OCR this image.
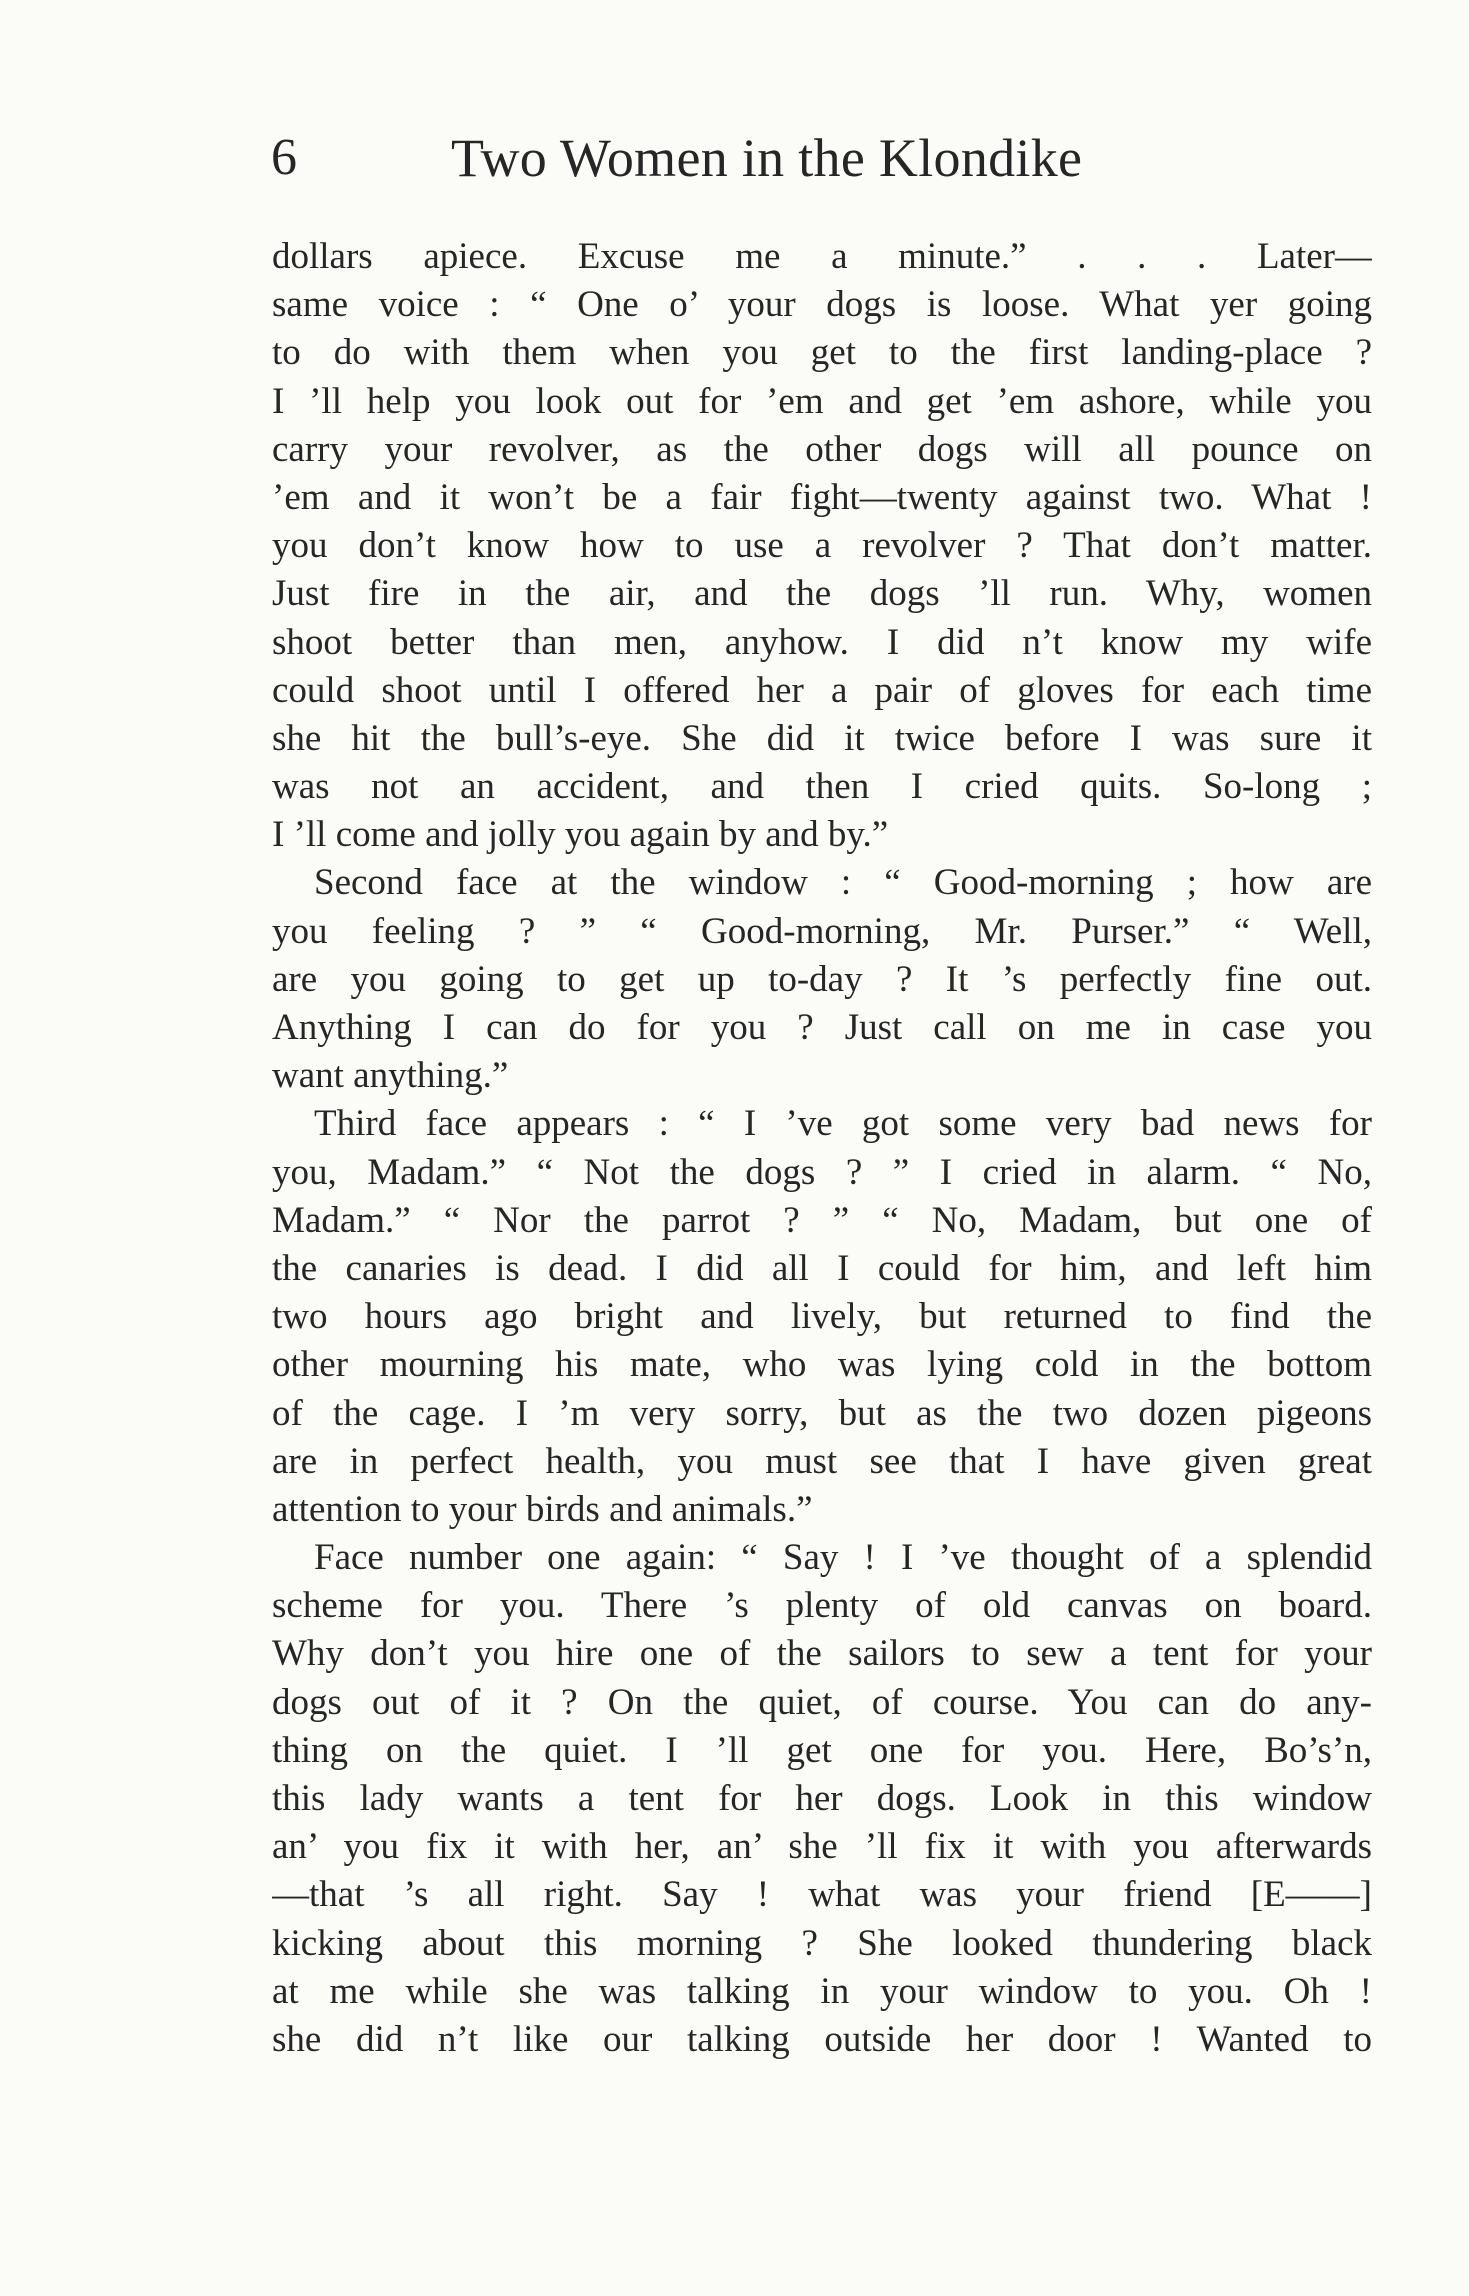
6	Two Women in the Klondike
dollars apiece. Excuse me a minute.” . . . Later—
same voice : “ One o’ your dogs is loose. What yer going
to do with them when you get to the first landing-place ?
I ’ll help you look out for ’em and get ’em ashore, while you
carry your revolver, as the other dogs will all pounce on
’em and it won’t be a fair fight—twenty against two. What !
you don’t know how to use a revolver ? That don’t matter.
Just fire in the air, and the dogs ’ll run. Why, women
shoot better than men, anyhow. I did n’t know my wife
could shoot until I offered her a pair of gloves for each time
she hit the bull’s-eye. She did it twice before I was sure it
was not an accident, and then I cried quits. So-long ;
I ’ll come and jolly you again by and by.”
Second face at the window : “ Good-morning ; how are
you feeling ? ” “ Good-morning, Mr. Purser.” “ Well,
are you going to get up to-day ? It ’s perfectly fine out.
Anything I can do for you ? Just call on me in case you
want anything.”
Third face appears : “ I ’ve got some very bad news for
you, Madam.” “ Not the dogs ? ” I cried in alarm. “ No,
Madam.” “ Nor the parrot ? ” “ No, Madam, but one of
the canaries is dead. I did all I could for him, and left him
two hours ago bright and lively, but returned to find the
other mourning his mate, who was lying cold in the bottom
of the cage. I ’m very sorry, but as the two dozen pigeons
are in perfect health, you must see that I have given great
attention to your birds and animals.”
Face number one again: “ Say ! I ’ve thought of a splendid
scheme for you. There ’s plenty of old canvas on board.
Why don’t you hire one of the sailors to sew a tent for your
dogs out of it ? On the quiet, of course. You can do any-
thing on the quiet. I ’ll get one for you. Here, Bo’s’n,
this lady wants a tent for her dogs. Look in this window
an’ you fix it with her, an’ she ’ll fix it with you afterwards
—that ’s all right. Say ! what was your friend [E——]
kicking about this morning ? She looked thundering black
at me while she was talking in your window to you. Oh !
she did n’t like our talking outside her door ! Wanted to
